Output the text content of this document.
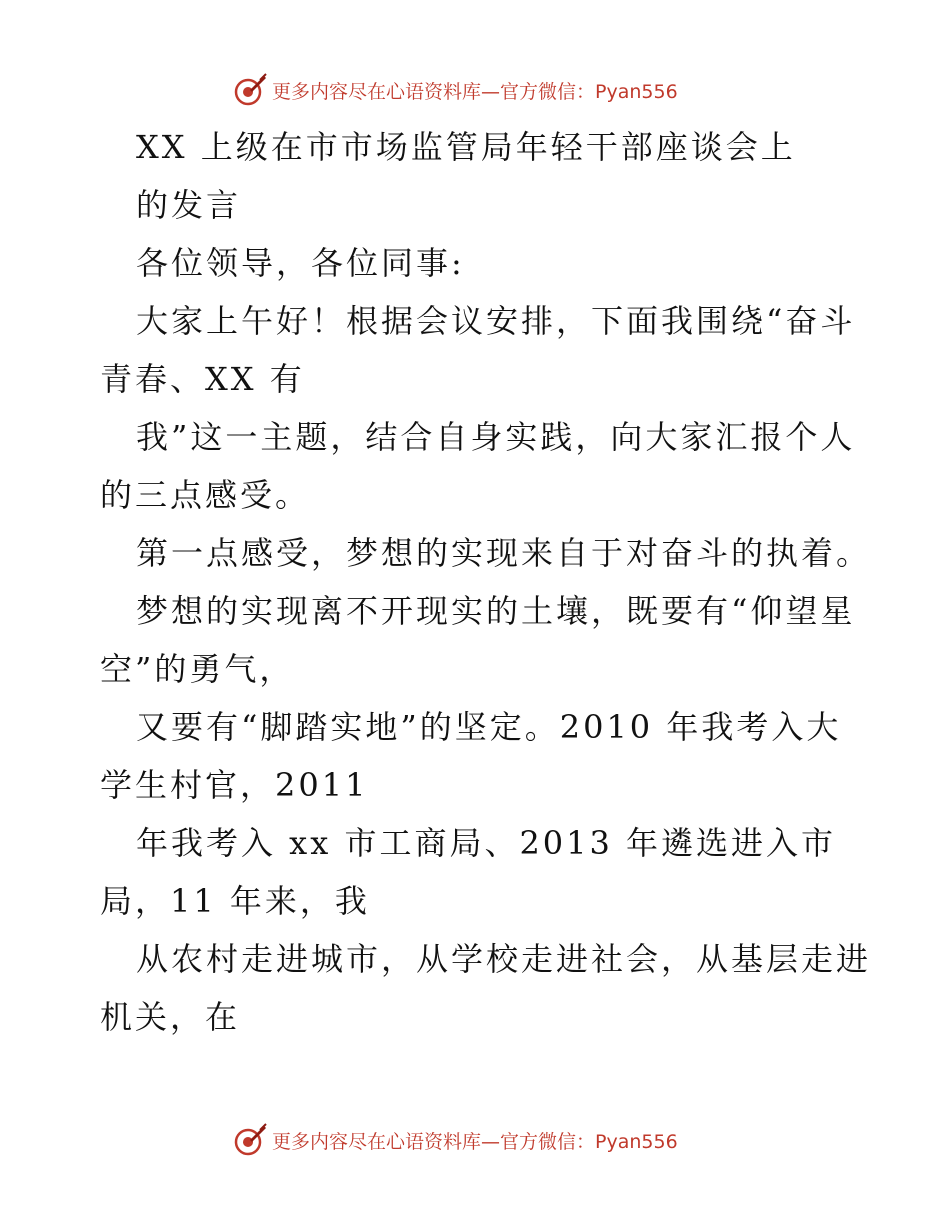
更多内容尽在心语资料库—官方微信：Pyan556
XX 上级在市市场监管局年轻干部座谈会上
的发言
各位领导，各位同事:
大家上午好！根据会议安排，下面我围绕“奋斗
青春、XX 有
我”这一主题，结合自身实践，向大家汇报个人
的三点感受。
第一点感受，梦想的实现来自于对奋斗的执着。
梦想的实现离不开现实的土壤，既要有“仰望星
空”的勇气，
又要有“脚踏实地”的坚定。2010 年我考入大
学生村官，2011
年我考入 xx 市工商局、2013 年遴选进入市
局，11 年来，我
从农村走进城市，从学校走进社会，从基层走进
机关，在
更多内容尽在心语资料库—官方微信：Pyan556
